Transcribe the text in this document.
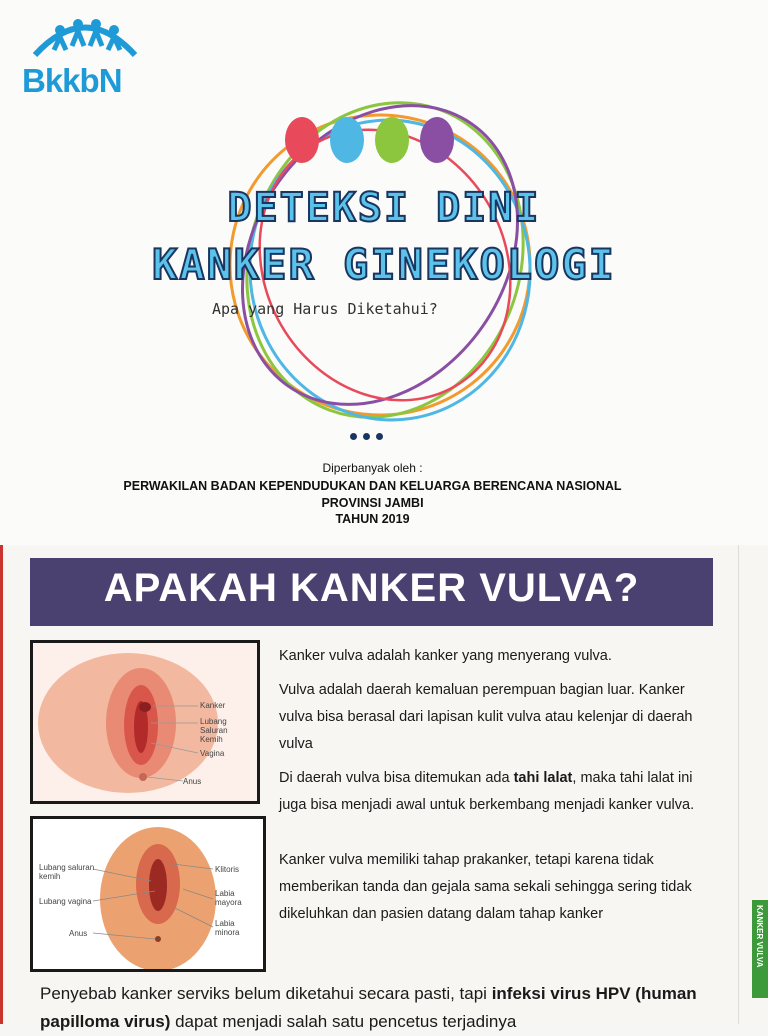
BkkbN
DETEKSI DINI
KANKER GINEKOLOGI
Apa yang Harus Diketahui?
Diperbanyak oleh :
PERWAKILAN BADAN KEPENDUDUKAN DAN KELUARGA BERENCANA NASIONAL
PROVINSI JAMBI
TAHUN 2019
APAKAH KANKER VULVA?
Kanker
Lubang Saluran Kemih
Vagina
Anus
Lubang saluran kemih
Lubang vagina
Anus
Klitoris
Labia mayora
Labia minora
Kanker vulva adalah kanker yang menyerang vulva.
Vulva adalah daerah kemaluan perempuan bagian luar. Kanker vulva bisa berasal dari lapisan kulit vulva atau kelenjar di daerah vulva
Di daerah vulva bisa ditemukan ada tahi lalat, maka tahi lalat ini juga bisa menjadi awal untuk berkembang menjadi kanker vulva.
Kanker vulva memiliki tahap prakanker, tetapi karena tidak memberikan tanda dan gejala sama sekali sehingga sering tidak dikeluhkan dan pasien datang dalam tahap kanker
Penyebab kanker serviks belum diketahui secara pasti, tapi infeksi virus HPV (human papilloma virus) dapat menjadi salah satu pencetus terjadinya
KANKER VULVA
